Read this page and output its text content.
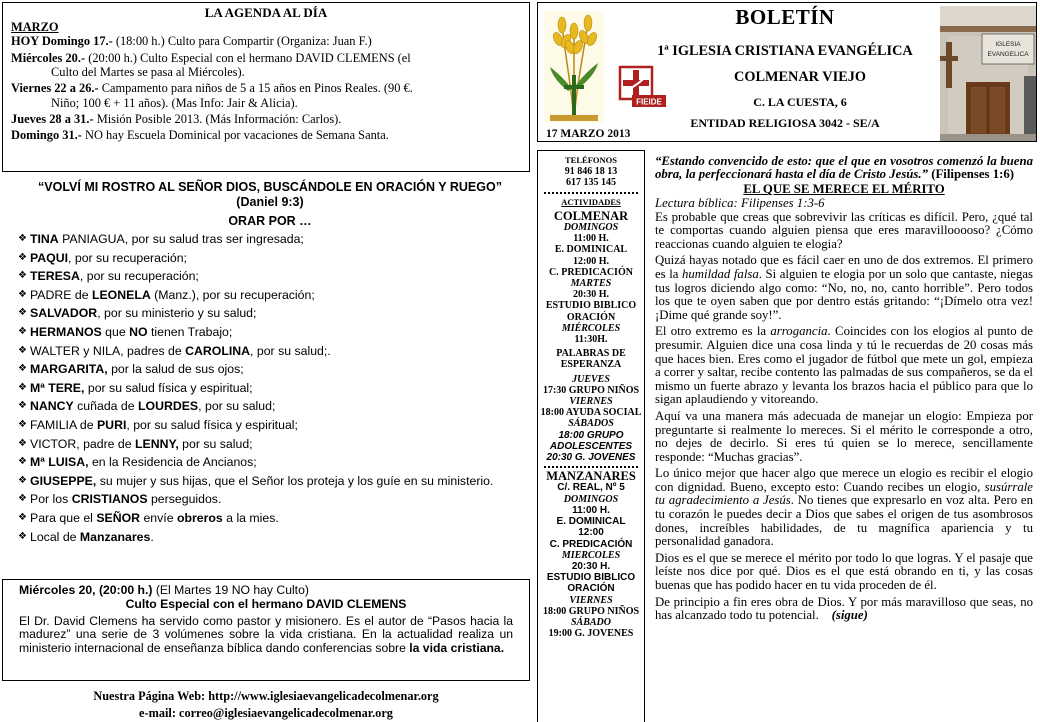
LA AGENDA AL DÍA
MARZO

HOY Domingo 17.- (18:00 h.) Culto para Compartir (Organiza: Juan F.)

Miércoles 20.- (20:00 h.) Culto Especial con el hermano DAVID CLEMENS (el
Culto del Martes se pasa al Miércoles).

Viernes 22 a 26.- Campamento para niños de 5 a 15 años en Pinos Reales. (90 €.
Niño; 100 € + 11 años). (Mas Info: Jair & Alicia).

Jueves 28 a 31.- Misión Posible 2013. (Más Información: Carlos).

Domingo 31.- NO hay Escuela Dominical por vacaciones de Semana Santa.

“VOLVÍ MI ROSTRO AL SEÑOR DIOS, BUSCÁNDOLE EN ORACIÓN Y RUEGO” (Daniel 9:3)
ORAR POR …
❖ TINA PANIAGUA, por su salud tras ser ingresada;
❖ PAQUI, por su recuperación;
❖ TERESA, por su recuperación;
❖ PADRE de LEONELA (Manz.), por su recuperación;
❖ SALVADOR, por su ministerio y su salud;
❖ HERMANOS que NO tienen Trabajo;
❖ WALTER y NILA, padres de CAROLINA, por su salud;.
❖ MARGARITA, por la salud de sus ojos;
❖ Mª TERE, por su salud física y espiritual;
❖ NANCY cuñada de LOURDES, por su salud;
❖ FAMILIA de PURI, por su salud física y espiritual;
❖ VICTOR, padre de LENNY, por su salud;
❖ Mª LUISA, en la Residencia de Ancianos;
❖ GIUSEPPE, su mujer y sus hijas, que el Señor los proteja y los guíe en su ministerio.
❖ Por los CRISTIANOS perseguidos.
❖ Para que el SEÑOR envíe obreros a la mies.
❖ Local de Manzanares.
Miércoles 20, (20:00 h.) (El Martes 19 NO hay Culto)
Culto Especial con el hermano DAVID CLEMENS
El Dr. David Clemens ha servido como pastor y misionero. Es el autor de “Pasos hacia la madurez” una serie de 3 volúmenes sobre la vida cristiana. En la actualidad realiza un ministerio internacional de enseñanza bíblica dando conferencias sobre la vida cristiana.
Nuestra Página Web: http://www.iglesiaevangelicadecolmenar.org
e-mail: correo@iglesiaevangelicadecolmenar.org
FIEIDE
BOLETÍN
1ª IGLESIA CRISTIANA EVANGÉLICA
COLMENAR VIEJO
C. LA CUESTA, 6
ENTIDAD RELIGIOSA 3042 - SE/A
17 MARZO 2013
IGLESIA
EVANGELICA
TELÉFONOS
91 846 18 13
617 135 145
ACTIVIDADES
COLMENAR
DOMINGOS
11:00 H.
E. DOMINICAL
12:00 H.
C. PREDICACIÓN
MARTES
20:30 H.
ESTUDIO BIBLICO
ORACIÓN
MIÉRCOLES
11:30H.
PALABRAS DE
ESPERANZA
JUEVES
17:30 GRUPO NIÑOS
VIERNES
18:00 AYUDA SOCIAL
SÁBADOS
18:00 GRUPO
ADOLESCENTES
20:30 G. JOVENES
MANZANARES
C/. REAL, Nº 5
DOMINGOS
11:00 H.
E. DOMINICAL
12:00
C. PREDICACIÓN
MIERCOLES
20:30 H.
ESTUDIO BIBLICO
ORACIÓN
VIERNES
18:00 GRUPO NIÑOS
SÁBADO
19:00 G. JOVENES
“Estando convencido de esto: que el que en vosotros comenzó la buena obra, la perfeccionará hasta el día de Cristo Jesús.” (Filipenses 1:6)
EL QUE SE MERECE EL MÉRITO
Lectura bíblica: Filipenses 1:3-6

Es probable que creas que sobrevivir las críticas es difícil. Pero, ¿qué tal te comportas cuando alguien piensa que eres maravillooooso? ¿Cómo reaccionas cuando alguien te elogia?

Quizá hayas notado que es fácil caer en uno de dos extremos. El primero es la humildad falsa. Si alguien te elogia por un solo que cantaste, niegas tus logros diciendo algo como: “No, no, no, canto horrible”. Pero todos los que te oyen saben que por dentro estás gritando: “¡Dímelo otra vez! ¡Dime qué grande soy!”.

El otro extremo es la arrogancia. Coincides con los elogios al punto de presumir. Alguien dice una cosa linda y tú le recuerdas de 20 cosas más que haces bien. Eres como el jugador de fútbol que mete un gol, empieza a correr y saltar, recibe contento las palmadas de sus compañeros, se da el mismo un fuerte abrazo y levanta los brazos hacia el público para que lo sigan aplaudiendo y vitoreando.

Aquí va una manera más adecuada de manejar un elogio: Empieza por preguntarte si realmente lo mereces. Si el mérito le corresponde a otro, no dejes de decirlo. Si eres tú quien se lo merece, sencillamente responde: “Muchas gracias”.

Lo único mejor que hacer algo que merece un elogio es recibir el elogio con dignidad. Bueno, excepto esto: Cuando recibes un elogio, susúrrale tu agradecimiento a Jesús. No tienes que expresarlo en voz alta. Pero en tu corazón le puedes decir a Dios que sabes el origen de tus asombrosos dones, increíbles habilidades, de tu magnífica apariencia y tu personalidad ganadora.

Dios es el que se merece el mérito por todo lo que logras. Y el pasaje que leíste nos dice por qué. Dios es el que está obrando en ti, y las cosas buenas que has podido hacer en tu vida proceden de él.

De principio a fin eres obra de Dios. Y por más maravilloso que seas, no has alcanzado todo tu potencial. (sigue)
